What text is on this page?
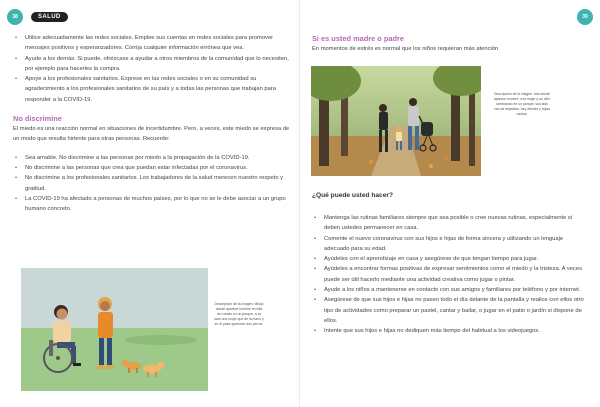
38	SALUD
• Utilice adecuadamente las redes sociales. Emplee sus cuentas en redes sociales para promover mensajes positivos y esperanzadores. Corrija cualquier información errónea que vea.
• Ayude a los demás. Si puede, ofrézcase a ayudar a otros miembros de la comunidad que lo necesiten, por ejemplo para hacerles la compra.
• Apoye a los profesionales sanitarios. Exprese en las redes sociales o en su comunidad su agradecimiento a los profesionales sanitarios de su país y a todas las personas que trabajan para responder a la COVID-19.
No discrimine

El miedo es una reacción normal en situaciones de incertidumbre. Pero, a veces, este miedo se expresa de un modo que resulta hiriente para otras personas. Recuerde:

• Sea amable. No discrimine a las personas por miedo a la propagación de la COVID-19.
• No discrimine a las personas que crea que puedan estar infectadas por el coronavirus.
• No discrimine a los profesionales sanitarios. Los trabajadores de la salud merecen nuestro respeto y gratitud.
• La COVID-19 ha afectado a personas de muchos países, por lo que no se le debe asociar a un grupo humano concreto.
Descripción de la imagen: dibujo donde aparece hombre en silla de ruedas en un parque, a su lado una mujer que de la mano y en el pasa aparecen dos perros.
39
Si es usted madre o padre

En momentos de estrés es normal que los niños requieran más atención.

Descripción de la imagen: foto donde aparece hombre, una mujer y un niño caminando en un parque, sus lado van de espaldas. hay árboles y hojas caídas.
¿Qué puede usted hacer?
• Mantenga las rutinas familiares siempre que sea posible o cree nuevas rutinas, especialmente si deben ustedes permanecer en casa.
• Comente el nuevo coronavirus con sus hijos e hijas de forma sincera y utilizando un lenguaje adecuado para su edad.
• Ayúdeles con el aprendizaje en casa y asegúrese de que tengan tiempo para jugar.
• Ayúdeles a encontrar formas positivas de expresar sentimientos como el miedo y la tristeza. A veces puede ser útil hacerlo mediante una actividad creativa como jugar o pintar.
• Ayude a los niños a mantenerse en contacto con sus amigos y familiares por teléfono y por internet.
• Asegúrese de que sus hijos e hijas no pasen todo el día delante de la pantalla y realice con ellos otro tipo de actividades como preparar un pastel, cantar y bailar, o jugar en el patio o jardín si dispone de ellos.
• Intente que sus hijos e hijas no dediquen más tiempo del habitual a los videojuegos.
